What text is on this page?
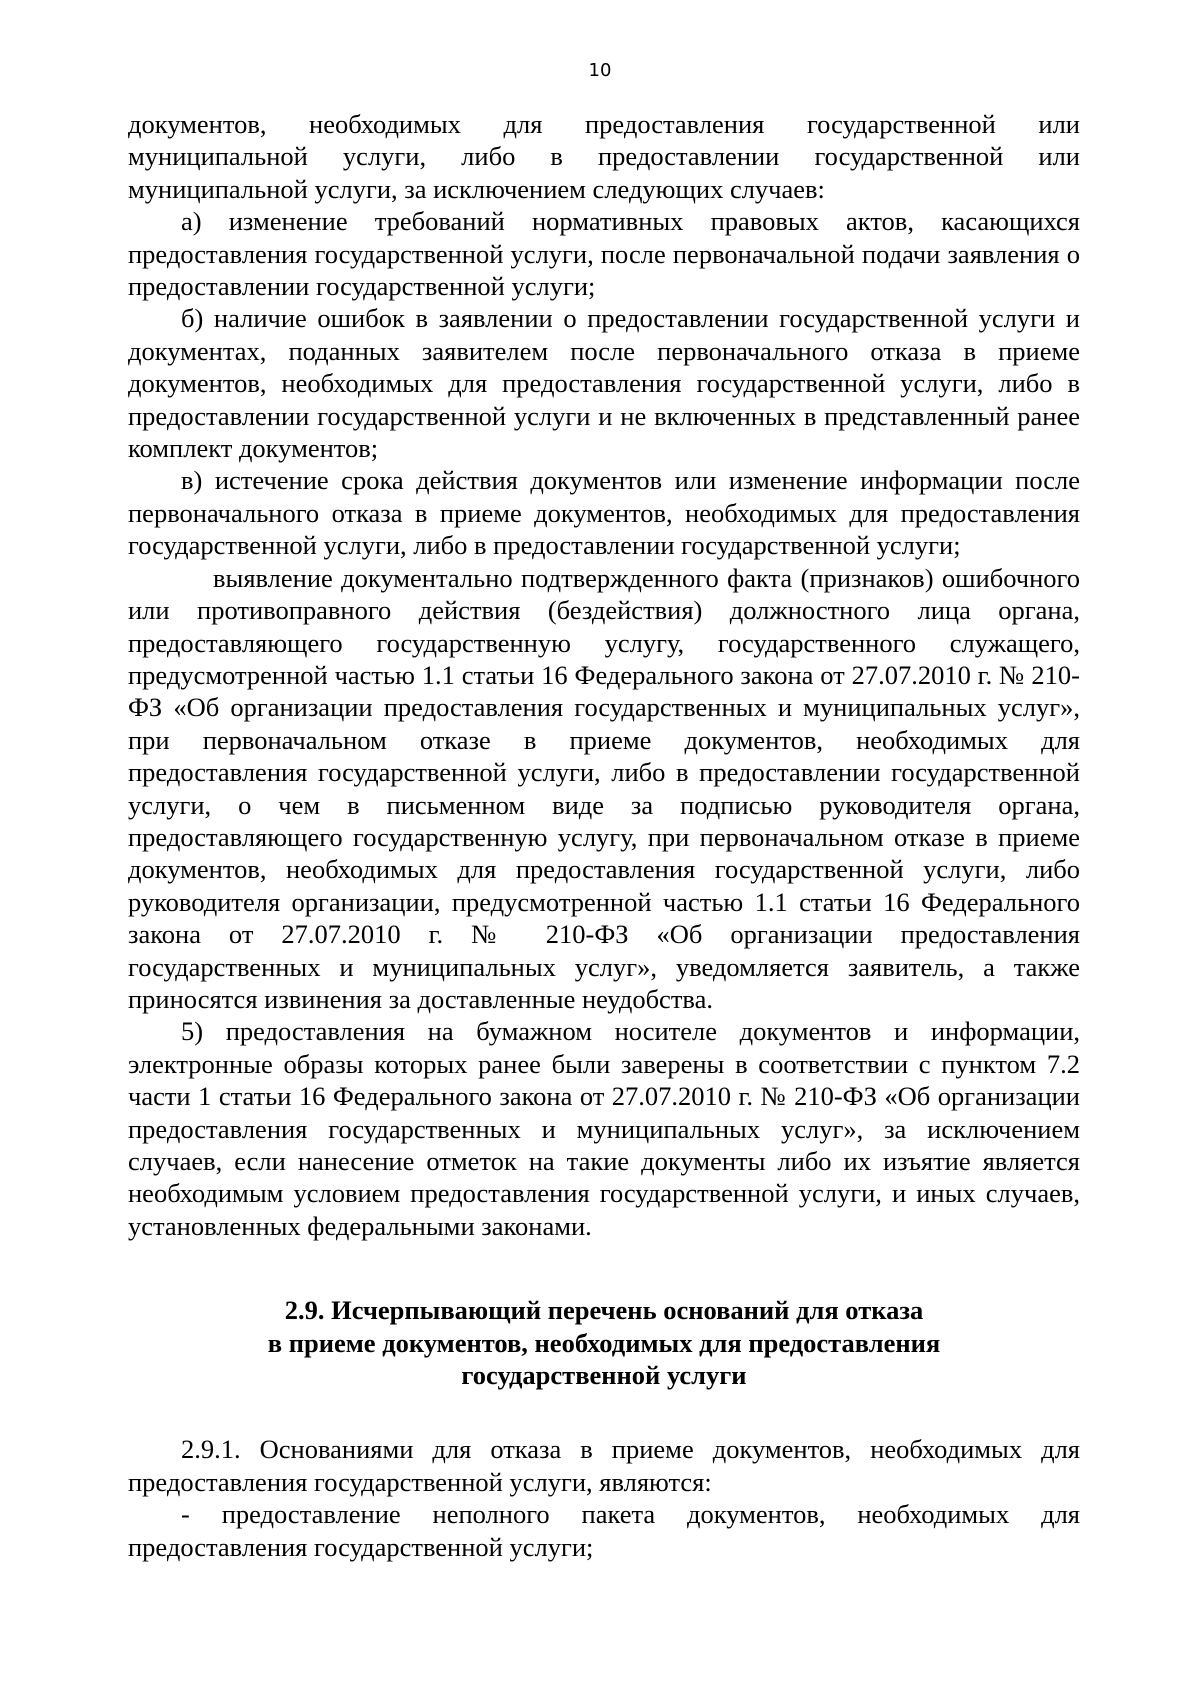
10

документов, необходимых для предоставления государственной или муниципальной услуги, либо в предоставлении государственной или муниципальной услуги, за исключением следующих случаев:

а) изменение требований нормативных правовых актов, касающихся предоставления государственной услуги, после первоначальной подачи заявления о предоставлении государственной услуги;

б) наличие ошибок в заявлении о предоставлении государственной услуги и документах, поданных заявителем после первоначального отказа в приеме документов, необходимых для предоставления государственной услуги, либо в предоставлении государственной услуги и не включенных в представленный ранее комплект документов;

в) истечение срока действия документов или изменение информации после первоначального отказа в приеме документов, необходимых для предоставления государственной услуги, либо в предоставлении государственной услуги;

выявление документально подтвержденного факта (признаков) ошибочного или противоправного действия (бездействия) должностного лица органа, предоставляющего государственную услугу, государственного служащего, предусмотренной частью 1.1 статьи 16 Федерального закона от 27.07.2010 г. № 210-ФЗ «Об организации предоставления государственных и муниципальных услуг», при первоначальном отказе в приеме документов, необходимых для предоставления государственной услуги, либо в предоставлении государственной услуги, о чем в письменном виде за подписью руководителя органа, предоставляющего государственную услугу, при первоначальном отказе в приеме документов, необходимых для предоставления государственной услуги, либо руководителя организации, предусмотренной частью 1.1 статьи 16 Федерального закона от 27.07.2010 г. № 210-ФЗ «Об организации предоставления государственных и муниципальных услуг», уведомляется заявитель, а также приносятся извинения за доставленные неудобства.

5) предоставления на бумажном носителе документов и информации, электронные образы которых ранее были заверены в соответствии с пунктом 7.2 части 1 статьи 16 Федерального закона от 27.07.2010 г. № 210-ФЗ «Об организации предоставления государственных и муниципальных услуг», за исключением случаев, если нанесение отметок на такие документы либо их изъятие является необходимым условием предоставления государственной услуги, и иных случаев, установленных федеральными законами.

2.9. Исчерпывающий перечень оснований для отказа
в приеме документов, необходимых для предоставления
государственной услуги

2.9.1. Основаниями для отказа в приеме документов, необходимых для предоставления государственной услуги, являются:

- предоставление неполного пакета документов, необходимых для предоставления государственной услуги;
